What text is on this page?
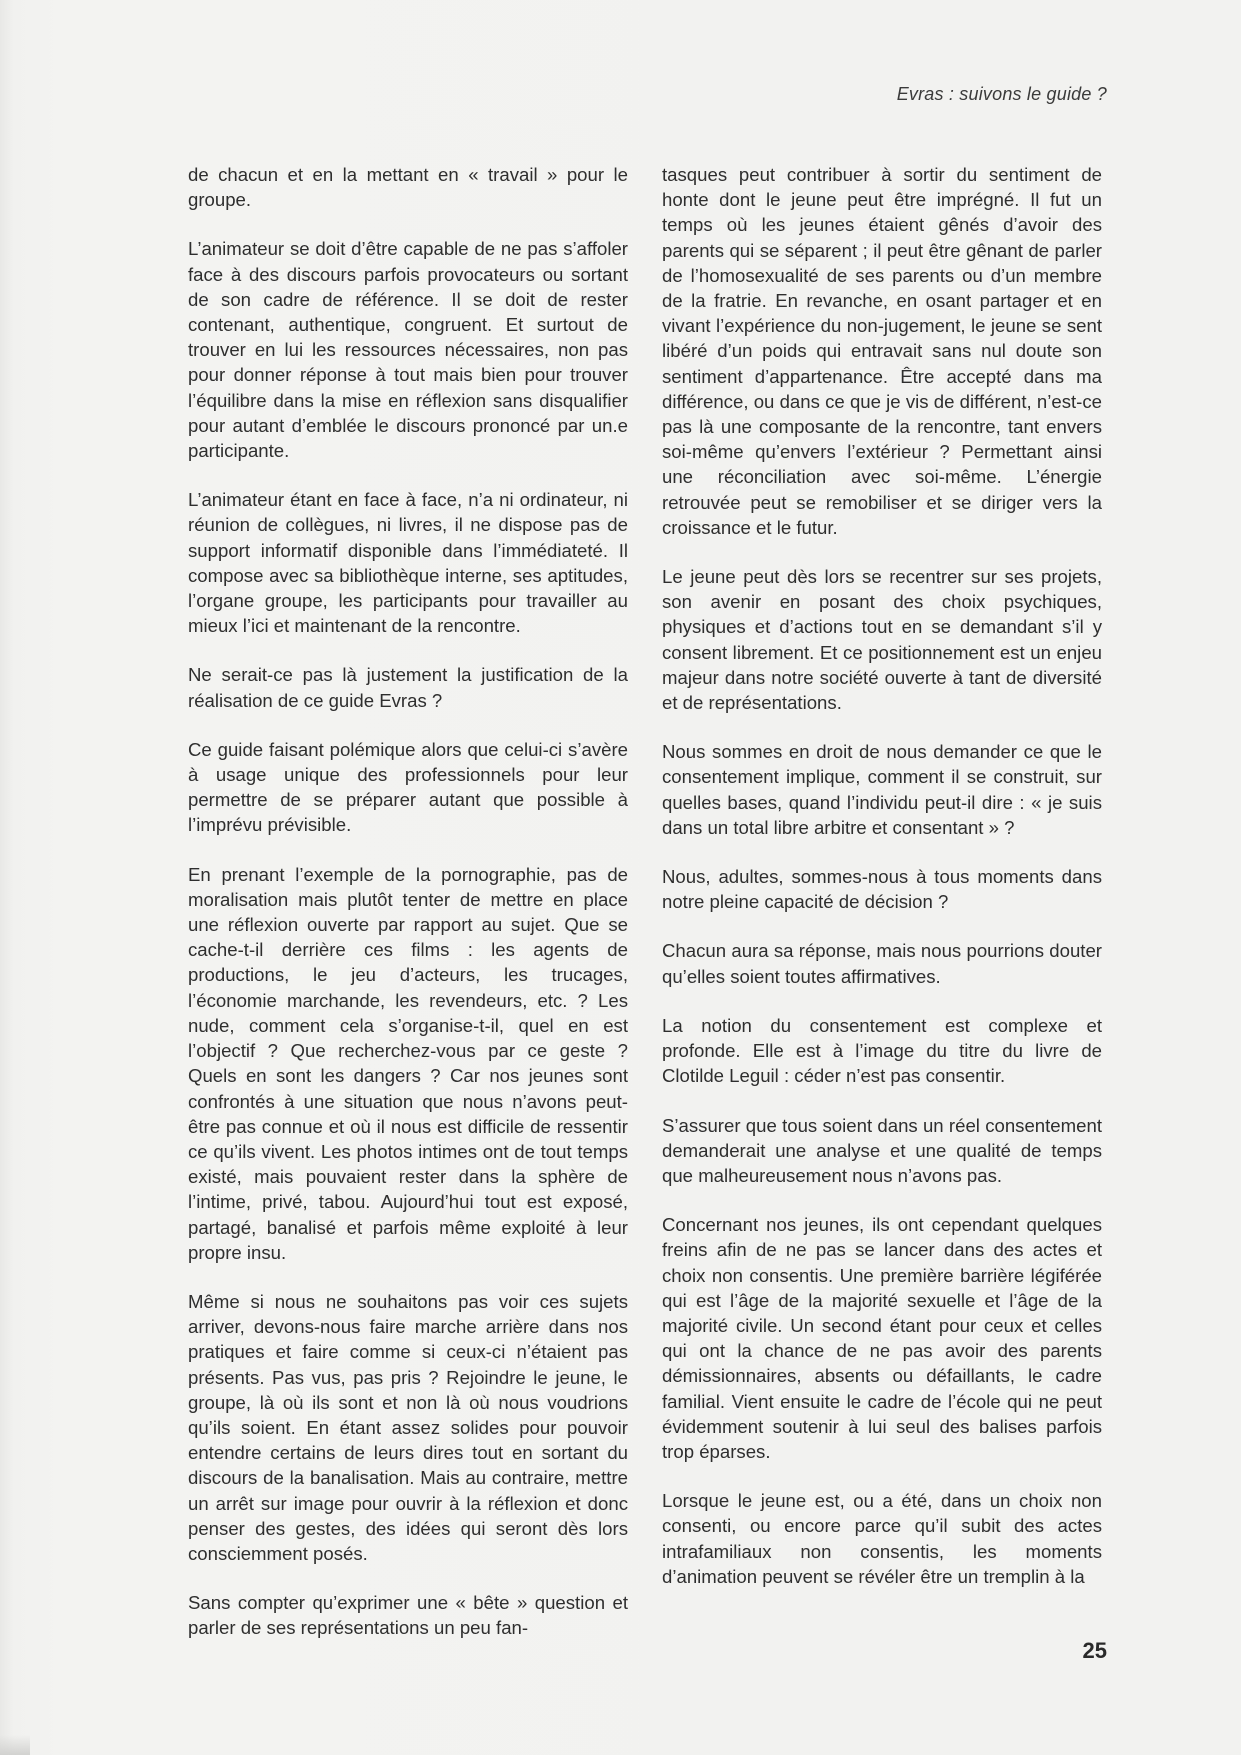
Evras : suivons le guide ?

de chacun et en la mettant en « travail » pour le groupe.

L’animateur se doit d’être capable de ne pas s’affoler face à des discours parfois provocateurs ou sortant de son cadre de référence. Il se doit de rester contenant, authentique, congruent. Et surtout de trouver en lui les ressources nécessaires, non pas pour donner réponse à tout mais bien pour trouver l’équilibre dans la mise en réflexion sans disqualifier pour autant d’emblée le discours prononcé par un.e participante.

L’animateur étant en face à face, n’a ni ordinateur, ni réunion de collègues, ni livres, il ne dispose pas de support informatif disponible dans l’immédiateté. Il compose avec sa bibliothèque interne, ses aptitudes, l’organe groupe, les participants pour travailler au mieux l’ici et maintenant de la rencontre.

Ne serait-ce pas là justement la justification de la réalisation de ce guide Evras ?

Ce guide faisant polémique alors que celui-ci s’avère à usage unique des professionnels pour leur permettre de se préparer autant que possible à l’imprévu prévisible.

En prenant l’exemple de la pornographie, pas de moralisation mais plutôt tenter de mettre en place une réflexion ouverte par rapport au sujet. Que se cache-t-il derrière ces films : les agents de productions, le jeu d’acteurs, les trucages, l’économie marchande, les revendeurs, etc. ? Les nude, comment cela s’organise-t-il, quel en est l’objectif ? Que recherchez-vous par ce geste ? Quels en sont les dangers ? Car nos jeunes sont confrontés à une situation que nous n’avons peut-être pas connue et où il nous est difficile de ressentir ce qu’ils vivent. Les photos intimes ont de tout temps existé, mais pouvaient rester dans la sphère de l’intime, privé, tabou. Aujourd’hui tout est exposé, partagé, banalisé et parfois même exploité à leur propre insu.

Même si nous ne souhaitons pas voir ces sujets arriver, devons-nous faire marche arrière dans nos pratiques et faire comme si ceux-ci n’étaient pas présents. Pas vus, pas pris ? Rejoindre le jeune, le groupe, là où ils sont et non là où nous voudrions qu’ils soient. En étant assez solides pour pouvoir entendre certains de leurs dires tout en sortant du discours de la banalisation. Mais au contraire, mettre un arrêt sur image pour ouvrir à la réflexion et donc penser des gestes, des idées qui seront dès lors consciemment posés.

Sans compter qu’exprimer une « bête » question et parler de ses représentations un peu fan-

tasques peut contribuer à sortir du sentiment de honte dont le jeune peut être imprégné. Il fut un temps où les jeunes étaient gênés d’avoir des parents qui se séparent ; il peut être gênant de parler de l’homosexualité de ses parents ou d’un membre de la fratrie. En revanche, en osant partager et en vivant l’expérience du non-jugement, le jeune se sent libéré d’un poids qui entravait sans nul doute son sentiment d’appartenance. Être accepté dans ma différence, ou dans ce que je vis de différent, n’est-ce pas là une composante de la rencontre, tant envers soi-même qu’envers l’extérieur ? Permettant ainsi une réconciliation avec soi-même. L’énergie retrouvée peut se remobiliser et se diriger vers la croissance et le futur.

Le jeune peut dès lors se recentrer sur ses projets, son avenir en posant des choix psychiques, physiques et d’actions tout en se demandant s’il y consent librement. Et ce positionnement est un enjeu majeur dans notre société ouverte à tant de diversité et de représentations.

Nous sommes en droit de nous demander ce que le consentement implique, comment il se construit, sur quelles bases, quand l’individu peut-il dire : « je suis dans un total libre arbitre et consentant » ?

Nous, adultes, sommes-nous à tous moments dans notre pleine capacité de décision ?

Chacun aura sa réponse, mais nous pourrions douter qu’elles soient toutes affirmatives.

La notion du consentement est complexe et profonde. Elle est à l’image du titre du livre de Clotilde Leguil : céder n’est pas consentir.

S’assurer que tous soient dans un réel consentement demanderait une analyse et une qualité de temps que malheureusement nous n’avons pas.

Concernant nos jeunes, ils ont cependant quelques freins afin de ne pas se lancer dans des actes et choix non consentis. Une première barrière légiférée qui est l’âge de la majorité sexuelle et l’âge de la majorité civile. Un second étant pour ceux et celles qui ont la chance de ne pas avoir des parents démissionnaires, absents ou défaillants, le cadre familial. Vient ensuite le cadre de l’école qui ne peut évidemment soutenir à lui seul des balises parfois trop éparses.

Lorsque le jeune est, ou a été, dans un choix non consenti, ou encore parce qu’il subit des actes intrafamiliaux non consentis, les moments d’animation peuvent se révéler être un tremplin à la

25
